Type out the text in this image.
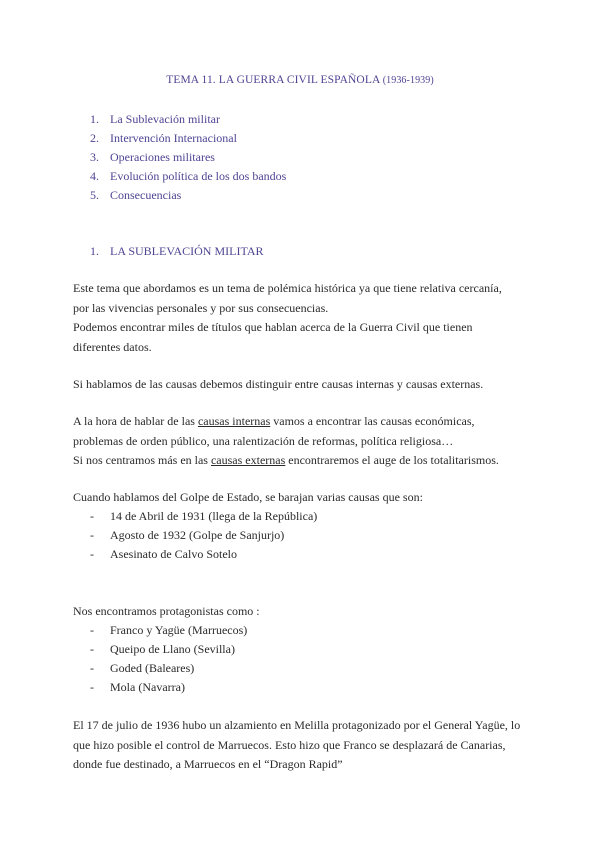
TEMA 11. LA GUERRA CIVIL ESPAÑOLA (1936-1939)
1. La Sublevación militar
2. Intervención Internacional
3. Operaciones militares
4. Evolución política de los dos bandos
5. Consecuencias
1. LA SUBLEVACIÓN MILITAR

Este tema que abordamos es un tema de polémica histórica ya que tiene relativa cercanía,

por las vivencias personales y por sus consecuencias.

Podemos encontrar miles de títulos que hablan acerca de la Guerra Civil que tienen

diferentes datos.

Si hablamos de las causas debemos distinguir entre causas internas y causas externas.

A la hora de hablar de las causas internas vamos a encontrar las causas económicas,

problemas de orden público, una ralentización de reformas, política religiosa…

Si nos centramos más en las causas externas encontraremos el auge de los totalitarismos.

Cuando hablamos del Golpe de Estado, se barajan varias causas que son:

-	14 de Abril de 1931 (llega de la República)
-	Agosto de 1932 (Golpe de Sanjurjo)
-	Asesinato de Calvo Sotelo

Nos encontramos protagonistas como :

-	Franco y Yagüe (Marruecos)
-	Queipo de Llano (Sevilla)
-	Goded (Baleares)
-	Mola (Navarra)

El 17 de julio de 1936 hubo un alzamiento en Melilla protagonizado por el General Yagüe, lo

que hizo posible el control de Marruecos. Esto hizo que Franco se desplazará de Canarias,

donde fue destinado, a Marruecos en el “Dragon Rapid”
